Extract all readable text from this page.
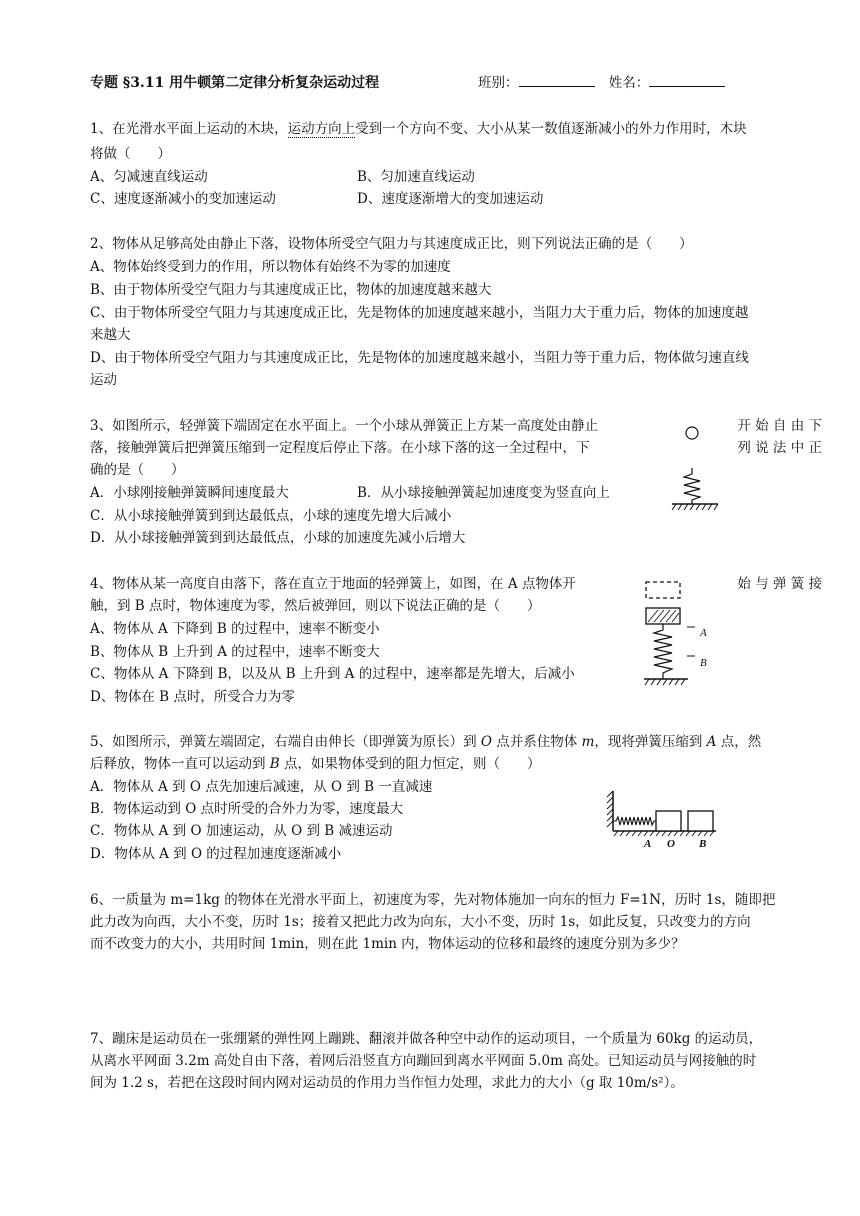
专题 §3.11 用牛顿第二定律分析复杂运动过程	班别：	姓名：
1、在光滑水平面上运动的木块，运动方向上受到一个方向不变、大小从某一数值逐渐减小的外力作用时，木块
将做（　　）
A、匀减速直线运动	B、匀加速直线运动
C、速度逐渐减小的变加速运动	D、速度逐渐增大的变加速运动
2、物体从足够高处由静止下落，设物体所受空气阻力与其速度成正比，则下列说法正确的是（　　）
A、物体始终受到力的作用，所以物体有始终不为零的加速度
B、由于物体所受空气阻力与其速度成正比，物体的加速度越来越大
C、由于物体所受空气阻力与其速度成正比，先是物体的加速度越来越小，当阻力大于重力后，物体的加速度越
来越大
D、由于物体所受空气阻力与其速度成正比，先是物体的加速度越来越小，当阻力等于重力后，物体做匀速直线
运动
3、如图所示，轻弹簧下端固定在水平面上。一个小球从弹簧正上方某一高度处由静止	开 始 自 由 下
落，接触弹簧后把弹簧压缩到一定程度后停止下落。在小球下落的这一全过程中，下	列 说 法 中 正
确的是（　　）
A．小球刚接触弹簧瞬间速度最大	B．从小球接触弹簧起加速度变为竖直向上
C．从小球接触弹簧到到达最低点，小球的速度先增大后减小
D．从小球接触弹簧到到达最低点，小球的加速度先减小后增大
4、物体从某一高度自由落下，落在直立于地面的轻弹簧上，如图，在 A 点物体开	始 与 弹 簧 接
触，到 B 点时，物体速度为零，然后被弹回，则以下说法正确的是（　　）
A、物体从 A 下降到 B 的过程中，速率不断变小
B、物体从 B 上升到 A 的过程中，速率不断变大
C、物体从 A 下降到 B，以及从 B 上升到 A 的过程中，速率都是先增大，后减小
D、物体在 B 点时，所受合力为零
A
B
5、如图所示，弹簧左端固定，右端自由伸长（即弹簧为原长）到 O 点并系住物体 m，现将弹簧压缩到 A 点，然
后释放，物体一直可以运动到 B 点，如果物体受到的阻力恒定，则（　　）
A．物体从 A 到 O 点先加速后减速，从 O 到 B 一直减速
B．物体运动到 O 点时所受的合外力为零，速度最大
C．物体从 A 到 O 加速运动，从 O 到 B 减速运动
D．物体从 A 到 O 的过程加速度逐渐减小
A O B
6、一质量为 m=1kg 的物体在光滑水平面上，初速度为零，先对物体施加一向东的恒力 F=1N，历时 1s，随即把
此力改为向西，大小不变，历时 1s；接着又把此力改为向东，大小不变，历时 1s，如此反复，只改变力的方向
而不改变力的大小，共用时间 1min，则在此 1min 内，物体运动的位移和最终的速度分别为多少？
7、蹦床是运动员在一张绷紧的弹性网上蹦跳、翻滚并做各种空中动作的运动项目，一个质量为 60kg 的运动员，
从离水平网面 3.2m 高处自由下落，着网后沿竖直方向蹦回到离水平网面 5.0m 高处。已知运动员与网接触的时
间为 1.2 s，若把在这段时间内网对运动员的作用力当作恒力处理，求此力的大小（g 取 10m/s²）。
